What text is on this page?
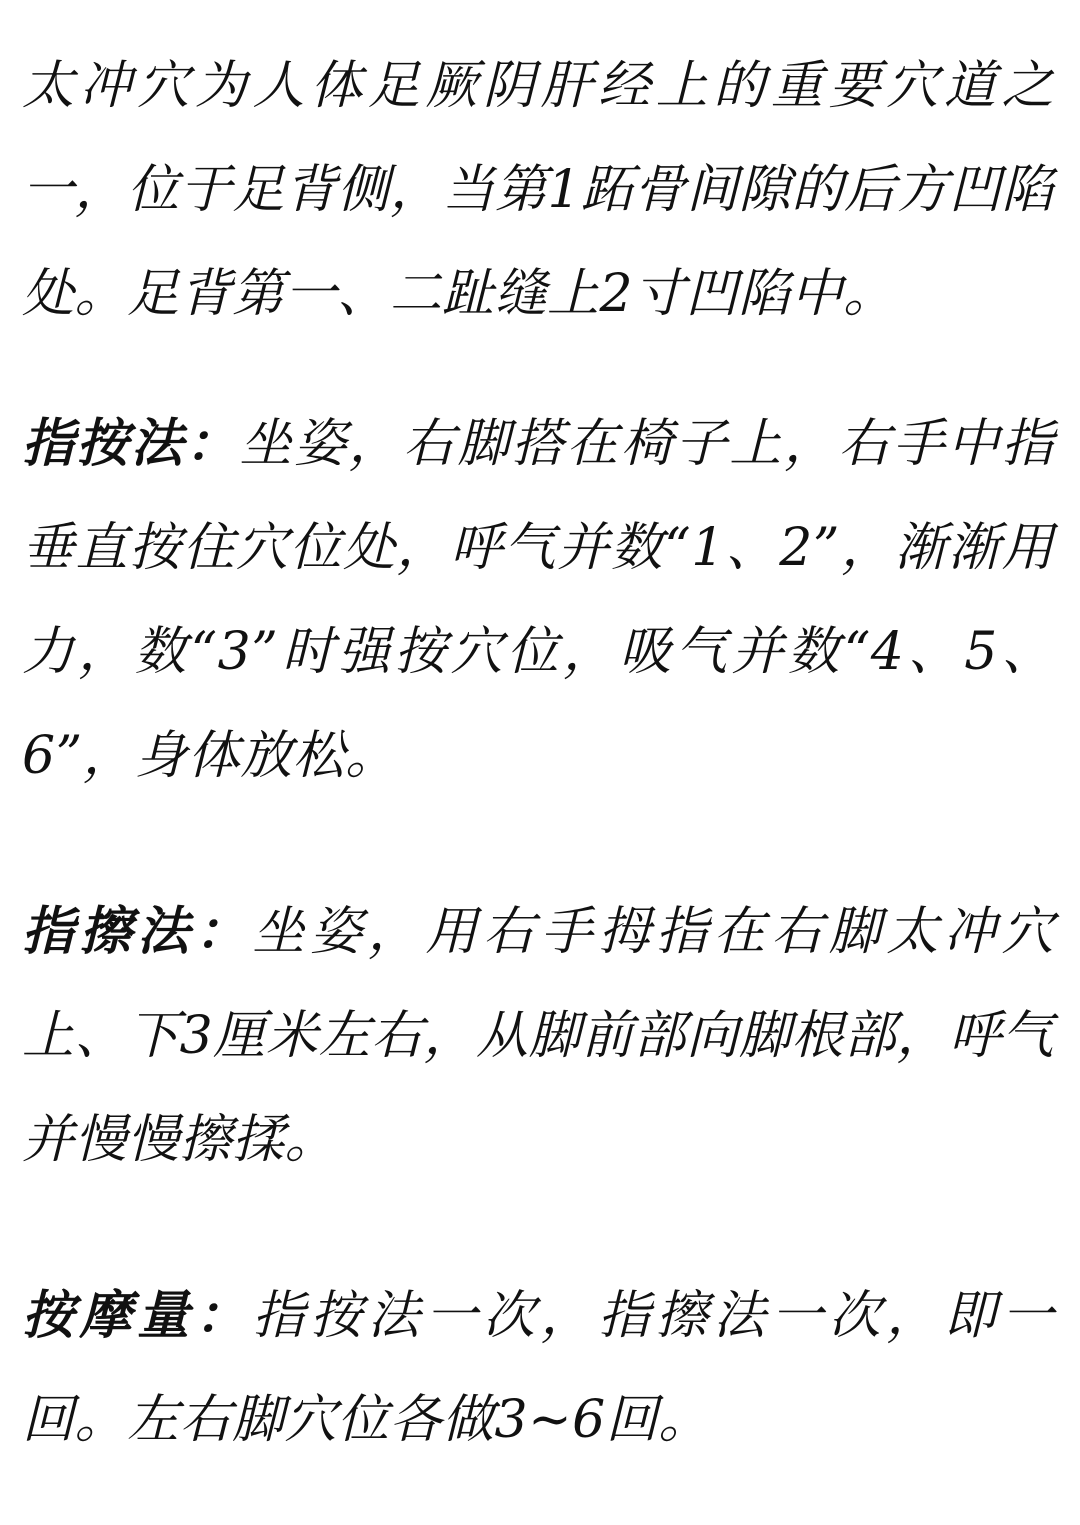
太冲穴为人体足厥阴肝经上的重要穴道之一，位于足背侧，当第1跖骨间隙的后方凹陷处。足背第一、二趾缝上2寸凹陷中。

指按法：坐姿，右脚搭在椅子上，右手中指垂直按住穴位处，呼气并数“1、2”，渐渐用力，数“3”时强按穴位，吸气并数“4、5、6”，身体放松。

指擦法：坐姿，用右手拇指在右脚太冲穴上、下3厘米左右，从脚前部向脚根部，呼气并慢慢擦揉。

按摩量：指按法一次，指擦法一次，即一回。左右脚穴位各做3~6回。
